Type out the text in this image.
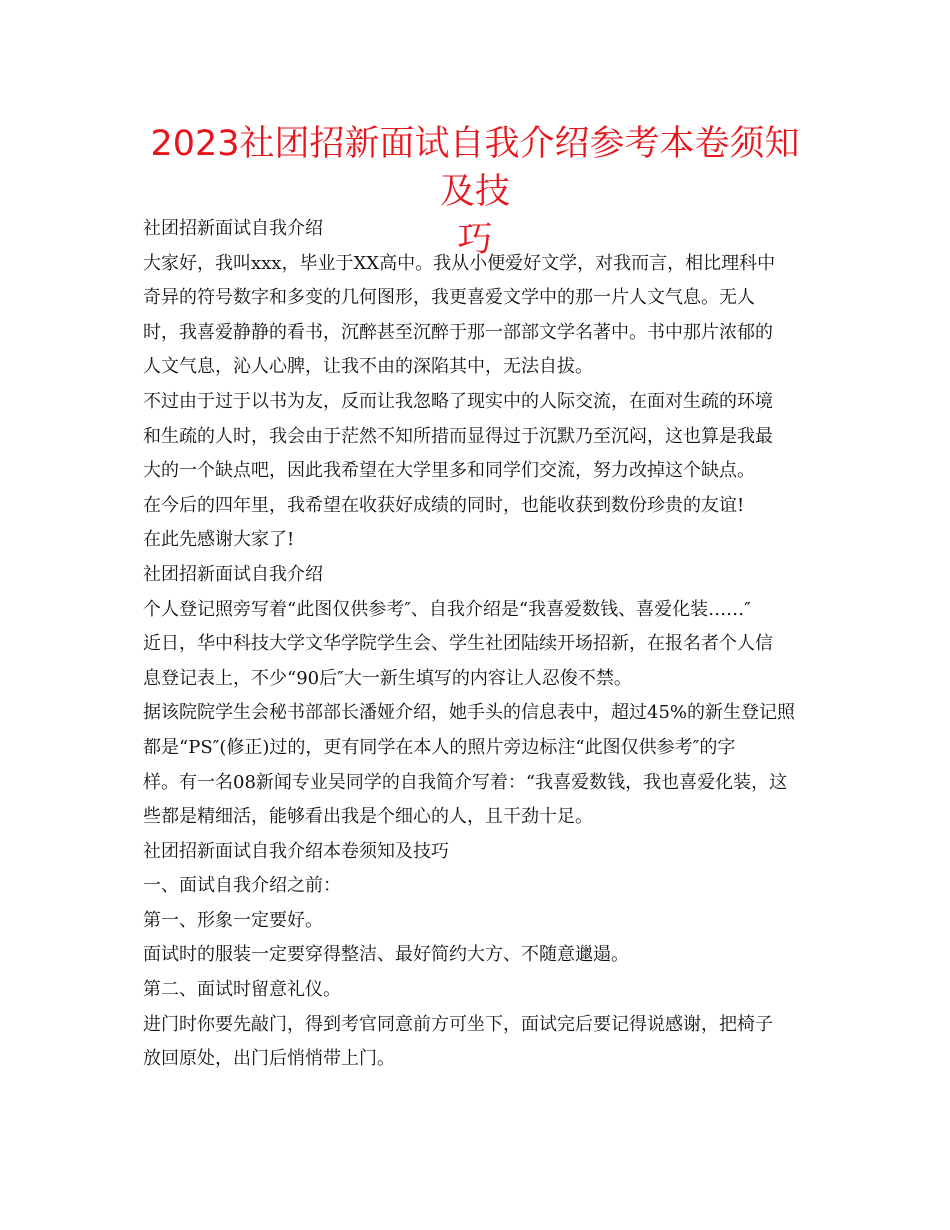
2023社团招新面试自我介绍参考本卷须知及技
巧
社团招新面试自我介绍
大家好，我叫xxx，毕业于XX高中。我从小便爱好文学，对我而言，相比理科中
奇异的符号数字和多变的几何图形，我更喜爱文学中的那一片人文气息。无人
时，我喜爱静静的看书，沉醉甚至沉醉于那一部部文学名著中。书中那片浓郁的
人文气息，沁人心脾，让我不由的深陷其中，无法自拔。
不过由于过于以书为友，反而让我忽略了现实中的人际交流，在面对生疏的环境
和生疏的人时，我会由于茫然不知所措而显得过于沉默乃至沉闷，这也算是我最
大的一个缺点吧，因此我希望在大学里多和同学们交流，努力改掉这个缺点。
在今后的四年里，我希望在收获好成绩的同时，也能收获到数份珍贵的友谊!
在此先感谢大家了!
社团招新面试自我介绍
个人登记照旁写着“此图仅供参考″、自我介绍是“我喜爱数钱、喜爱化装……″
近日，华中科技大学文华学院学生会、学生社团陆续开场招新，在报名者个人信
息登记表上，不少“90后″大一新生填写的内容让人忍俊不禁。
据该院院学生会秘书部部长潘娅介绍，她手头的信息表中，超过45%的新生登记照
都是“PS″(修正)过的，更有同学在本人的照片旁边标注“此图仅供参考″的字
样。有一名08新闻专业吴同学的自我简介写着：“我喜爱数钱，我也喜爱化装，这
些都是精细活，能够看出我是个细心的人，且干劲十足。
社团招新面试自我介绍本卷须知及技巧
一、面试自我介绍之前：
第一、形象一定要好。
面试时的服装一定要穿得整洁、最好简约大方、不随意邋遢。
第二、面试时留意礼仪。
进门时你要先敲门，得到考官同意前方可坐下，面试完后要记得说感谢，把椅子
放回原处，出门后悄悄带上门。
